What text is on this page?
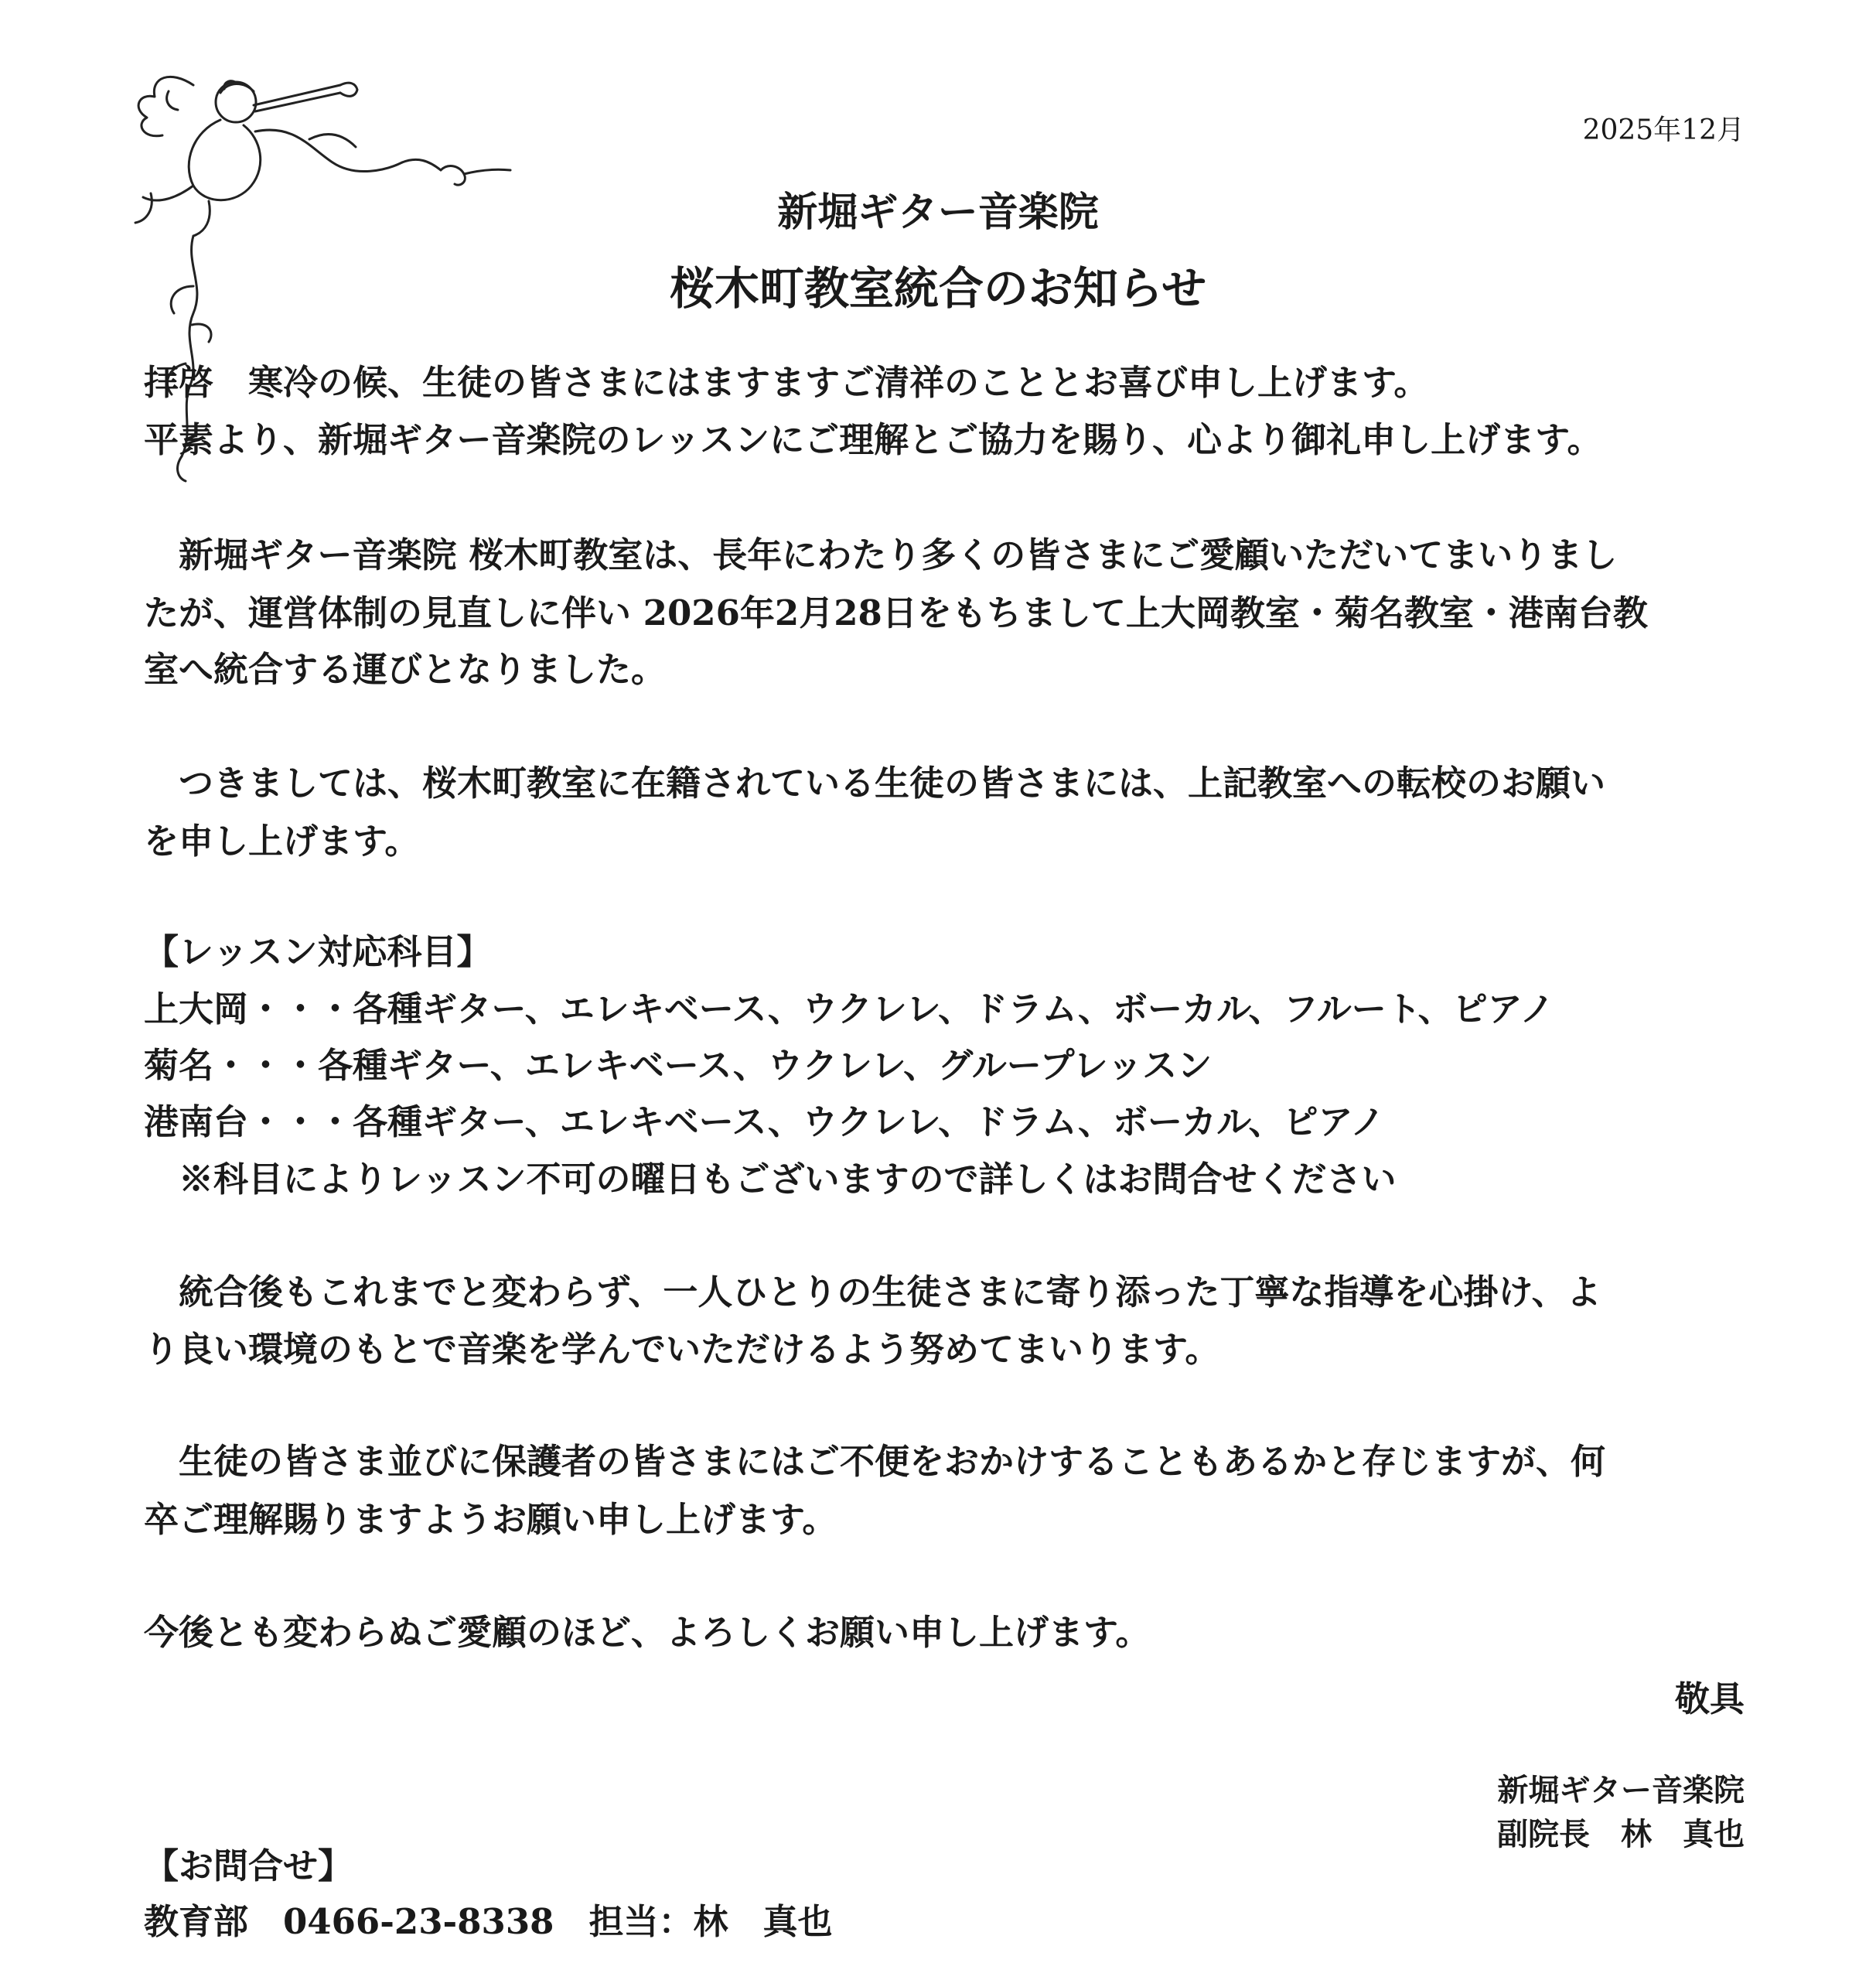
2025年12月

新堀ギター音楽院
桜木町教室統合のお知らせ

拝啓　寒冷の候、生徒の皆さまにはますますご清祥のこととお喜び申し上げます。

平素より、新堀ギター音楽院のレッスンにご理解とご協力を賜り、心より御礼申し上げます。

　新堀ギター音楽院 桜木町教室は、長年にわたり多くの皆さまにご愛顧いただいてまいりまし

たが、運営体制の見直しに伴い 2026年2月28日をもちまして上大岡教室・菊名教室・港南台教

室へ統合する運びとなりました。

　つきましては、桜木町教室に在籍されている生徒の皆さまには、上記教室への転校のお願い

を申し上げます。

【レッスン対応科目】

上大岡・・・各種ギター、エレキベース、ウクレレ、ドラム、ボーカル、フルート、ピアノ

菊名・・・各種ギター、エレキベース、ウクレレ、グループレッスン

港南台・・・各種ギター、エレキベース、ウクレレ、ドラム、ボーカル、ピアノ

　※科目によりレッスン不可の曜日もございますので詳しくはお問合せください

　統合後もこれまでと変わらず、一人ひとりの生徒さまに寄り添った丁寧な指導を心掛け、よ

り良い環境のもとで音楽を学んでいただけるよう努めてまいります。

　生徒の皆さま並びに保護者の皆さまにはご不便をおかけすることもあるかと存じますが、何

卒ご理解賜りますようお願い申し上げます。

今後とも変わらぬご愛顧のほど、よろしくお願い申し上げます。

敬具

新堀ギター音楽院

副院長　林　真也

【お問合せ】

教育部　0466-23-8338　担当：林　真也
